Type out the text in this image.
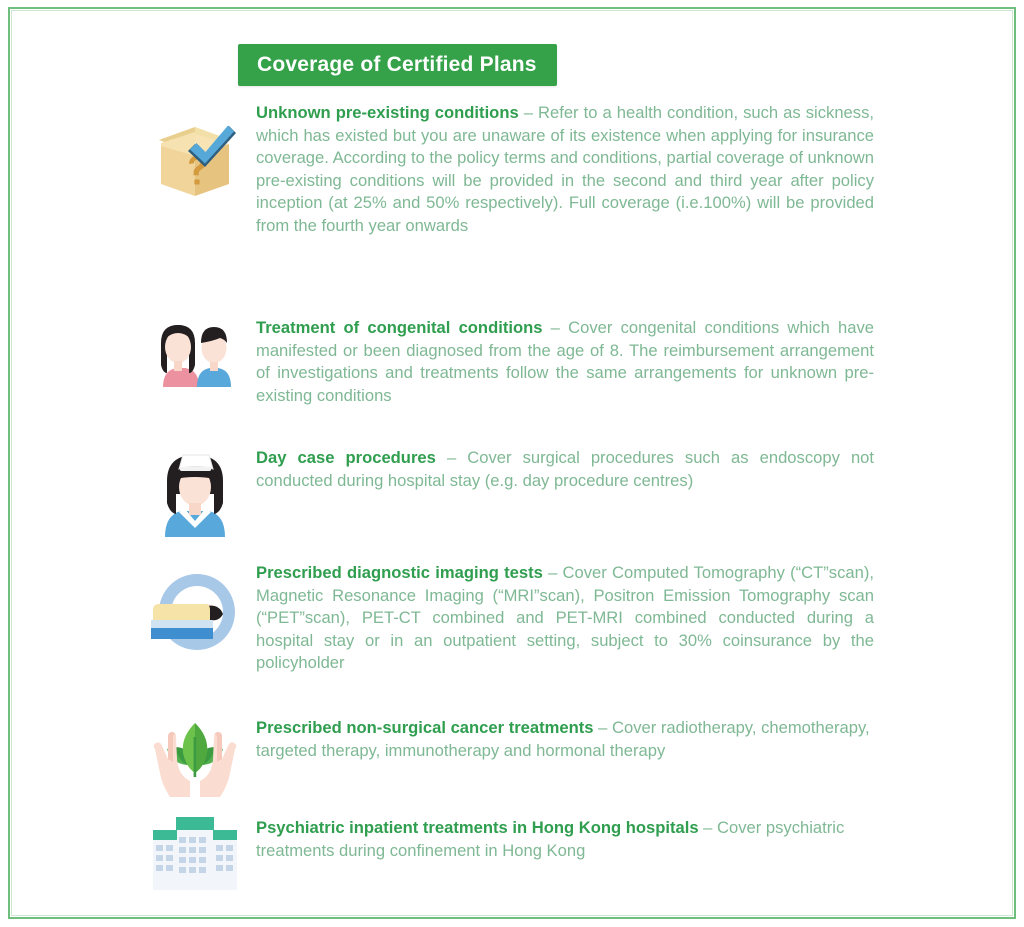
Coverage of Certified Plans

Unknown pre-existing conditions – Refer to a health condition, such as sickness, which has existed but you are unaware of its existence when applying for insurance coverage. According to the policy terms and conditions, partial coverage of unknown pre-existing conditions will be provided in the second and third year after policy inception (at 25% and 50% respectively). Full coverage (i.e.100%) will be provided from the fourth year onwards

Treatment of congenital conditions – Cover congenital conditions which have manifested or been diagnosed from the age of 8. The reimbursement arrangement of investigations and treatments follow the same arrangements for unknown pre-existing conditions

Day case procedures – Cover surgical procedures such as endoscopy not conducted during hospital stay (e.g. day procedure centres)

Prescribed diagnostic imaging tests – Cover Computed Tomography (“CT”scan), Magnetic Resonance Imaging (“MRI”scan), Positron Emission Tomography scan (“PET”scan), PET-CT combined and PET-MRI combined conducted during a hospital stay or in an outpatient setting, subject to 30% coinsurance by the policyholder

Prescribed non-surgical cancer treatments – Cover radiotherapy, chemotherapy, targeted therapy, immunotherapy and hormonal therapy

Psychiatric inpatient treatments in Hong Kong hospitals – Cover psychiatric treatments during confinement in Hong Kong
